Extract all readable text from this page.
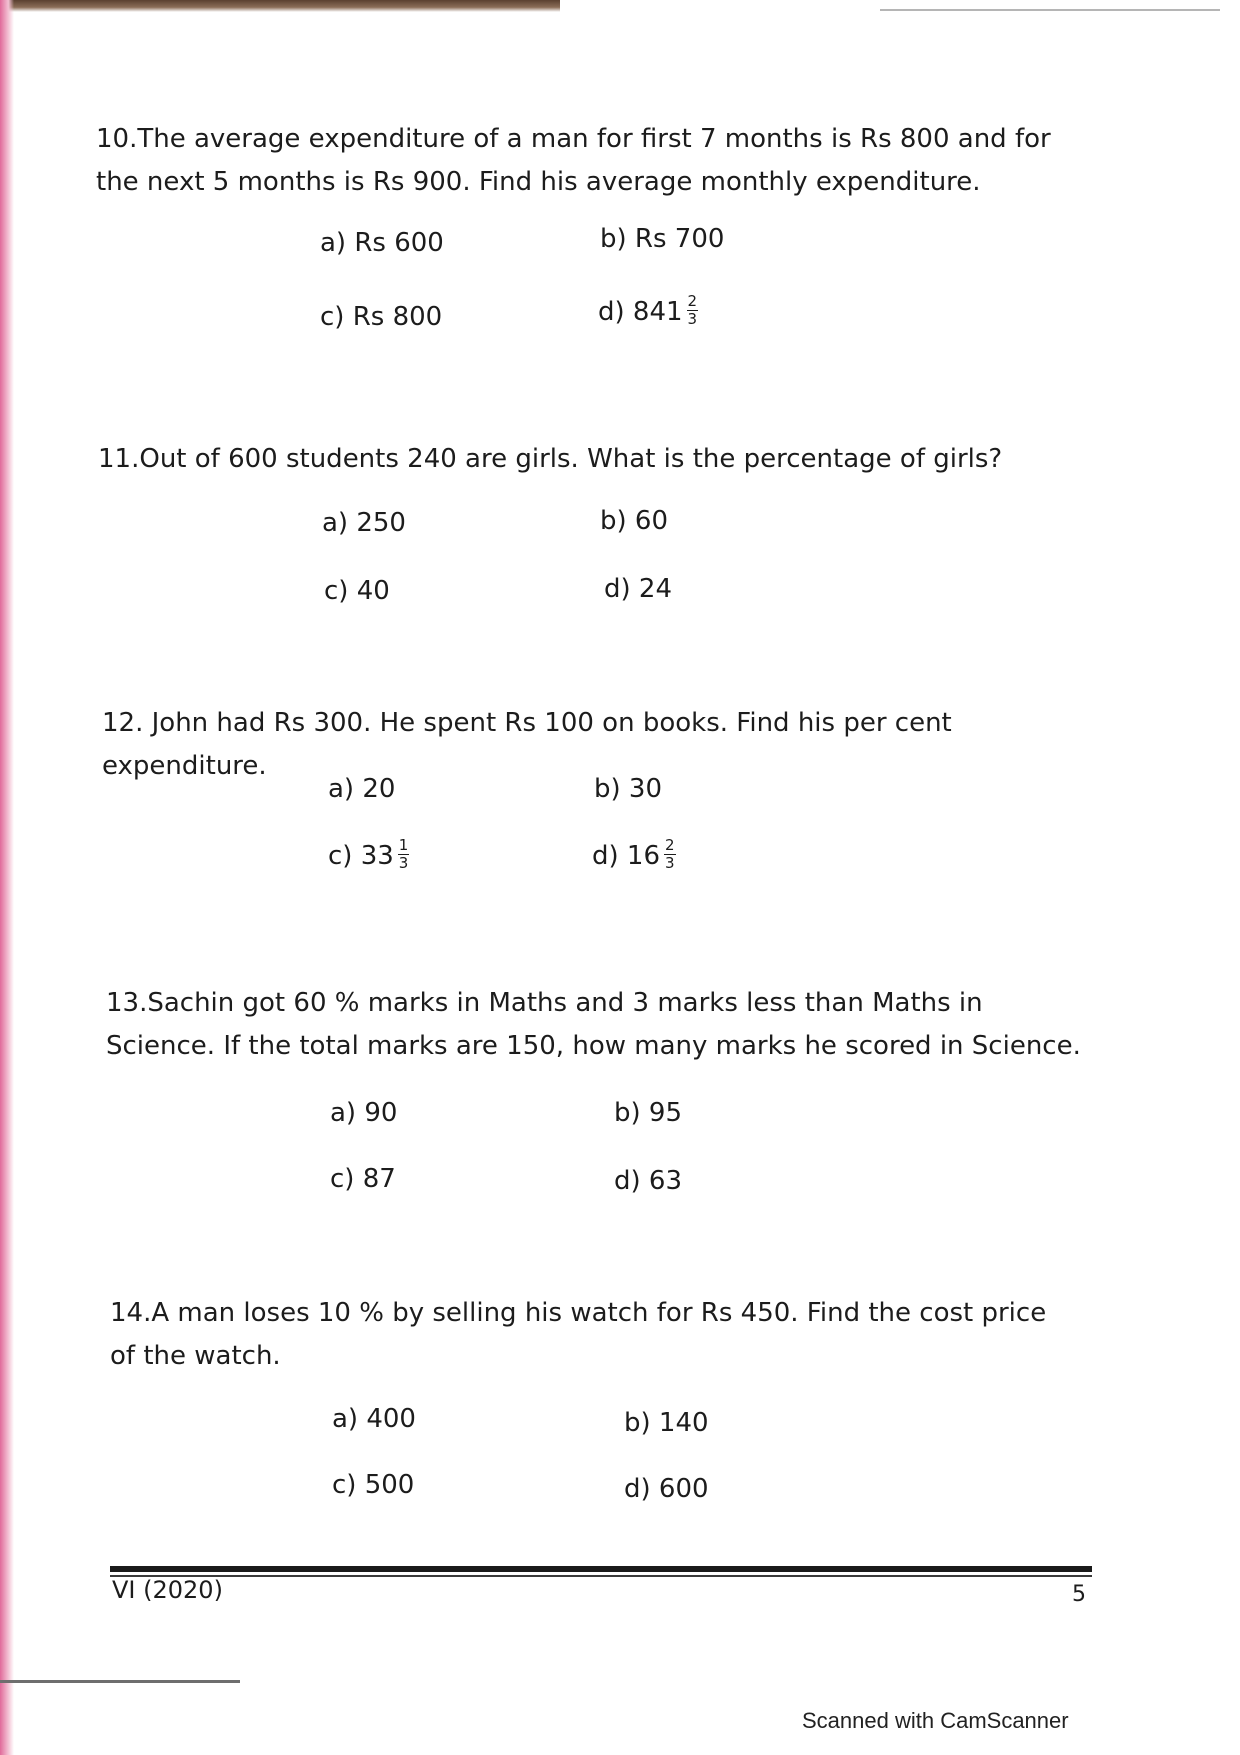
10.The average expenditure of a man for first 7 months is Rs 800 and for the next 5 months is Rs 900. Find his average monthly expenditure.

a) Rs 600	b) Rs 700
c) Rs 800	d) $841 \frac{2}{3}$

11.Out of 600 students 240 are girls. What is the percentage of girls?

a) 250	b) 60
c) 40	d) 24

12. John had Rs 300. He spent Rs 100 on books. Find his per cent expenditure.

a) 20	b) 30
c) $33 \frac{1}{3}$	d) $16 \frac{2}{3}$

13.Sachin got 60 % marks in Maths and 3 marks less than Maths in Science. If the total marks are 150, how many marks he scored in Science.

a) 90	b) 95
c) 87	d) 63

14.A man loses 10 % by selling his watch for Rs 450. Find the cost price of the watch.

a) 400	b) 140
c) 500	d) 600
VI (2020)	5
Scanned with CamScanner
